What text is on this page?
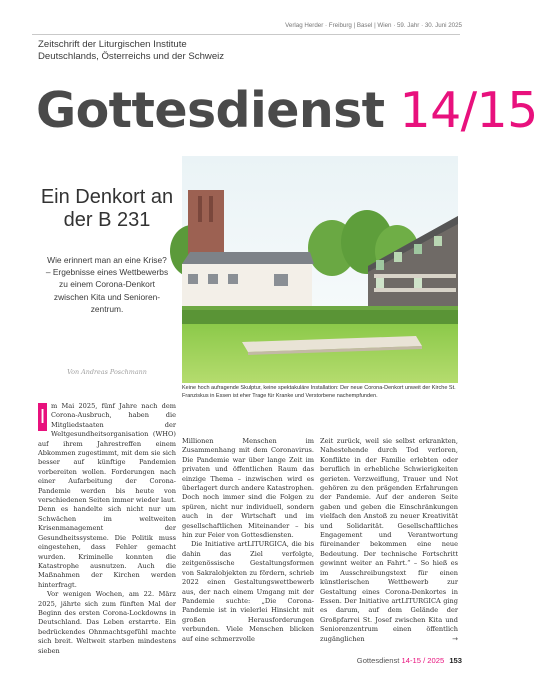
Verlag Herder · Freiburg | Basel | Wien · 59. Jahr · 30. Juni 2025
Zeitschrift der Liturgischen Institute
Deutschlands, Österreichs und der Schweiz
Gottesdienst 14/15
Ein Denkort an der B 231
Wie erinnert man an eine Krise? – Ergebnisse eines Wettbewerbs zu einem Corona-Denkort zwischen Kita und Seniorenzentrum.
Von Andreas Poschmann
Keine hoch aufragende Skulptur, keine spektakuläre Installation: Der neue Corona-Denkort unweit der Kirche St. Franziskus in Essen ist eher Trage für Kranke und Verstorbene nachempfunden.

I m Mai 2025, fünf Jahre nach dem Corona-Ausbruch, haben die Mitgliedstaaten der Weltgesundheitsorganisation (WHO) auf ihrem Jahrestreffen einem Abkommen zugestimmt, mit dem sie sich besser auf künftige Pandemien vorbereiten wollen. Forderungen nach einer Aufarbeitung der Corona-Pandemie werden bis heute von verschiedenen Seiten immer wieder laut. Denn es handelte sich nicht nur um Schwächen im weltweiten Krisenmanagement der Gesundheitssysteme. Die Politik muss eingestehen, dass Fehler gemacht wurden. Kriminelle konnten die Katastrophe ausnutzen. Auch die Maßnahmen der Kirchen werden hinterfragt.

Vor wenigen Wochen, am 22. März 2025, jährte sich zum fünften Mal der Beginn des ersten Corona-Lockdowns in Deutschland. Das Leben erstarrte. Ein bedrückendes Ohnmachtsgefühl machte sich breit. Weltweit starben mindestens sieben

Millionen Menschen im Zusammenhang mit dem Coronavirus. Die Pandemie war über lange Zeit im privaten und öffentlichen Raum das einzige Thema – inzwischen wird es überlagert durch andere Katastrophen. Doch noch immer sind die Folgen zu spüren, nicht nur individuell, sondern auch in der Wirtschaft und im gesellschaftlichen Miteinander – bis hin zur Feier von Gottesdiensten.

Die Initiative artLITURGICA, die bis dahin das Ziel verfolgte, zeitgenössische Gestaltungsformen von Sakralobjekten zu fördern, schrieb 2022 einen Gestaltungswettbewerb aus, der nach einem Umgang mit der Pandemie suchte: „Die Corona-Pandemie ist in vielerlei Hinsicht mit großen Herausforderungen verbunden. Viele Menschen blicken auf eine schmerzvolle

Zeit zurück, weil sie selbst erkrankten, Nahestehende durch Tod verloren, Konflikte in der Familie erlebten oder beruflich in erhebliche Schwierigkeiten gerieten. Verzweiflung, Trauer und Not gehören zu den prägenden Erfahrungen der Pandemie. Auf der anderen Seite gaben und geben die Einschränkungen vielfach den Anstoß zu neuer Kreativität und Solidarität. Gesellschaftliches Engagement und Verantwortung füreinander bekommen eine neue Bedeutung. Der technische Fortschritt gewinnt weiter an Fahrt.“ – So hieß es im Ausschreibungstext für einen künstlerischen Wettbewerb zur Gestaltung eines Corona-Denkortes in Essen. Der Initiative artLITURGICA ging es darum, auf dem Gelände der Großpfarrei St. Josef zwischen Kita und Seniorenzentrum einen öffentlich zugänglichen	→

Gottesdienst 14-15 / 2025 153
